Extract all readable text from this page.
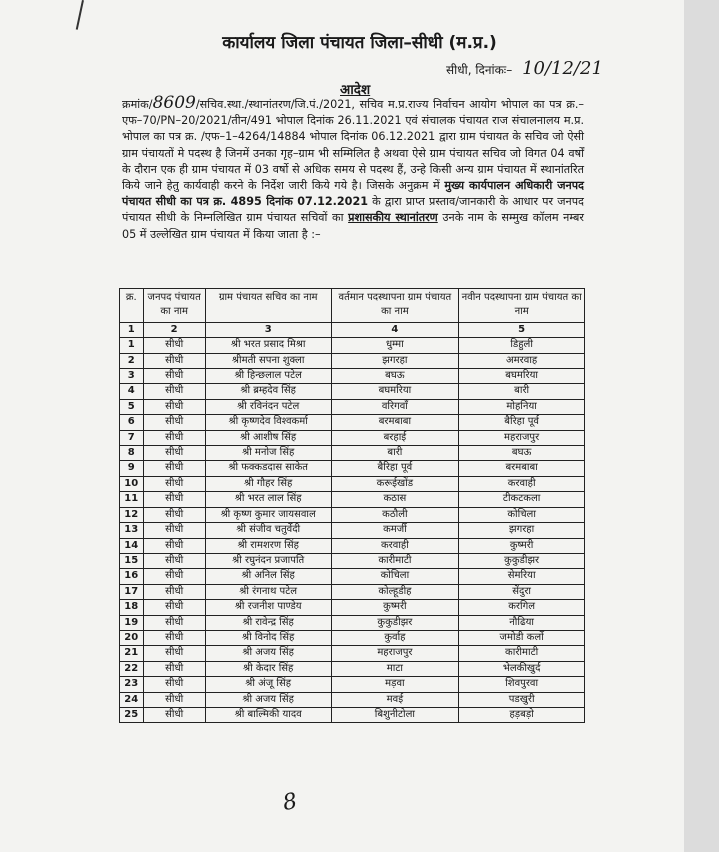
कार्यालय जिला पंचायत जिला–सीधी (म.प्र.)
सीधी, दिनांकः– 10/12/21
आदेश
क्रमांक/8609/सचिव.स्था./स्थानांतरण/जि.पं./2021, सचिव म.प्र.राज्य निर्वाचन आयोग भोपाल का पत्र क्र.–एफ–70/PN–20/2021/तीन/491 भोपाल दिनांक 26.11.2021 एवं संचालक पंचायत राज संचालनालय म.प्र. भोपाल का पत्र क्र. /एफ–1–4264/14884 भोपाल दिनांक 06.12.2021 द्वारा ग्राम पंचायत के सचिव जो ऐसी ग्राम पंचायतों मे पदस्थ है जिनमें उनका गृह–ग्राम भी सम्मिलित है अथवा ऐसे ग्राम पंचायत सचिव जो विगत 04 वर्षों के दौरान एक ही ग्राम पंचायत में 03 वर्षो से अधिक समय से पदस्थ हैं, उन्हे किसी अन्य ग्राम पंचायत में स्थानांतरित किये जाने हेतु कार्यवाही करने के निर्देश जारी किये गये है। जिसके अनुक्रम में मुख्य कार्यपालन अधिकारी जनपद पंचायत सीधी का पत्र क्र. 4895 दिनांक 07.12.2021 के द्वारा प्राप्त प्रस्ताव/जानकारी के आधार पर जनपद पंचायत सीधी के निम्नलिखित ग्राम पंचायत सचिवों का प्रशासकीय स्थानांतरण उनके नाम के सम्मुख कॉलम नम्बर 05 में उल्लेखित ग्राम पंचायत में किया जाता है :–
क्र.	जनपद पंचायत का नाम	ग्राम पंचायत सचिव का नाम	वर्तमान पदस्थापना ग्राम पंचायत का नाम	नवीन पदस्थापना ग्राम पंचायत का नाम
1	2	3	4	5
1	सीधी	श्री भरत प्रसाद मिश्रा	धुम्मा	डिहुली
2	सीधी	श्रीमती सपना शुक्ला	झगरहा	अमरवाह
3	सीधी	श्री हिन्छलाल पटेल	बघऊ	बघमरिया
4	सीधी	श्री ब्रम्हदेव सिंह	बघमरिया	बारी
5	सीधी	श्री रविनंदन पटेल	वरिगवाँ	मोहनिया
6	सीधी	श्री कृष्णदेव विश्वकर्मा	बरमबाबा	बैरिहा पूर्व
7	सीधी	श्री आशीष सिंह	बरहाई	महराजपुर
8	सीधी	श्री मनोज सिंह	बारी	बघऊ
9	सीधी	श्री फक्कडदास साकेत	बैरिहा पूर्व	बरमबाबा
10	सीधी	श्री गौहर सिंह	करूईखोंड	करवाही
11	सीधी	श्री भरत लाल सिंह	कठास	टीकटकला
12	सीधी	श्री कृष्ण कुमार जायसवाल	कठौली	कोचिला
13	सीधी	श्री संजीव चतुर्वेदी	कमर्जी	झगरहा
14	सीधी	श्री रामशरण सिंह	करवाही	कुष्मरी
15	सीधी	श्री रघुनंदन प्रजापति	कारीमाटी	कुकुडीझर
16	सीधी	श्री अनिल सिंह	कोचिला	सेमरिया
17	सीधी	श्री रंगनाथ पटेल	कोल्हूडीह	सेंदुरा
18	सीधी	श्री रजनीश पाण्डेय	कुष्मरी	करगिल
19	सीधी	श्री रावेन्द्र सिंह	कुकुडीझर	नौढिया
20	सीधी	श्री विनोद सिंह	कुर्वाह	जमोडी कर्लो
21	सीधी	श्री अजय सिंह	महराजपुर	कारीमाटी
22	सीधी	श्री केदार सिंह	माटा	भेलकीखुर्द
23	सीधी	श्री अंजू सिंह	मड़वा	शिवपुरवा
24	सीधी	श्री अजय सिंह	मवई	पडखुरी
25	सीधी	श्री बाल्मिकी यादव	बिशुनीटोला	हड़बड़ो
8
